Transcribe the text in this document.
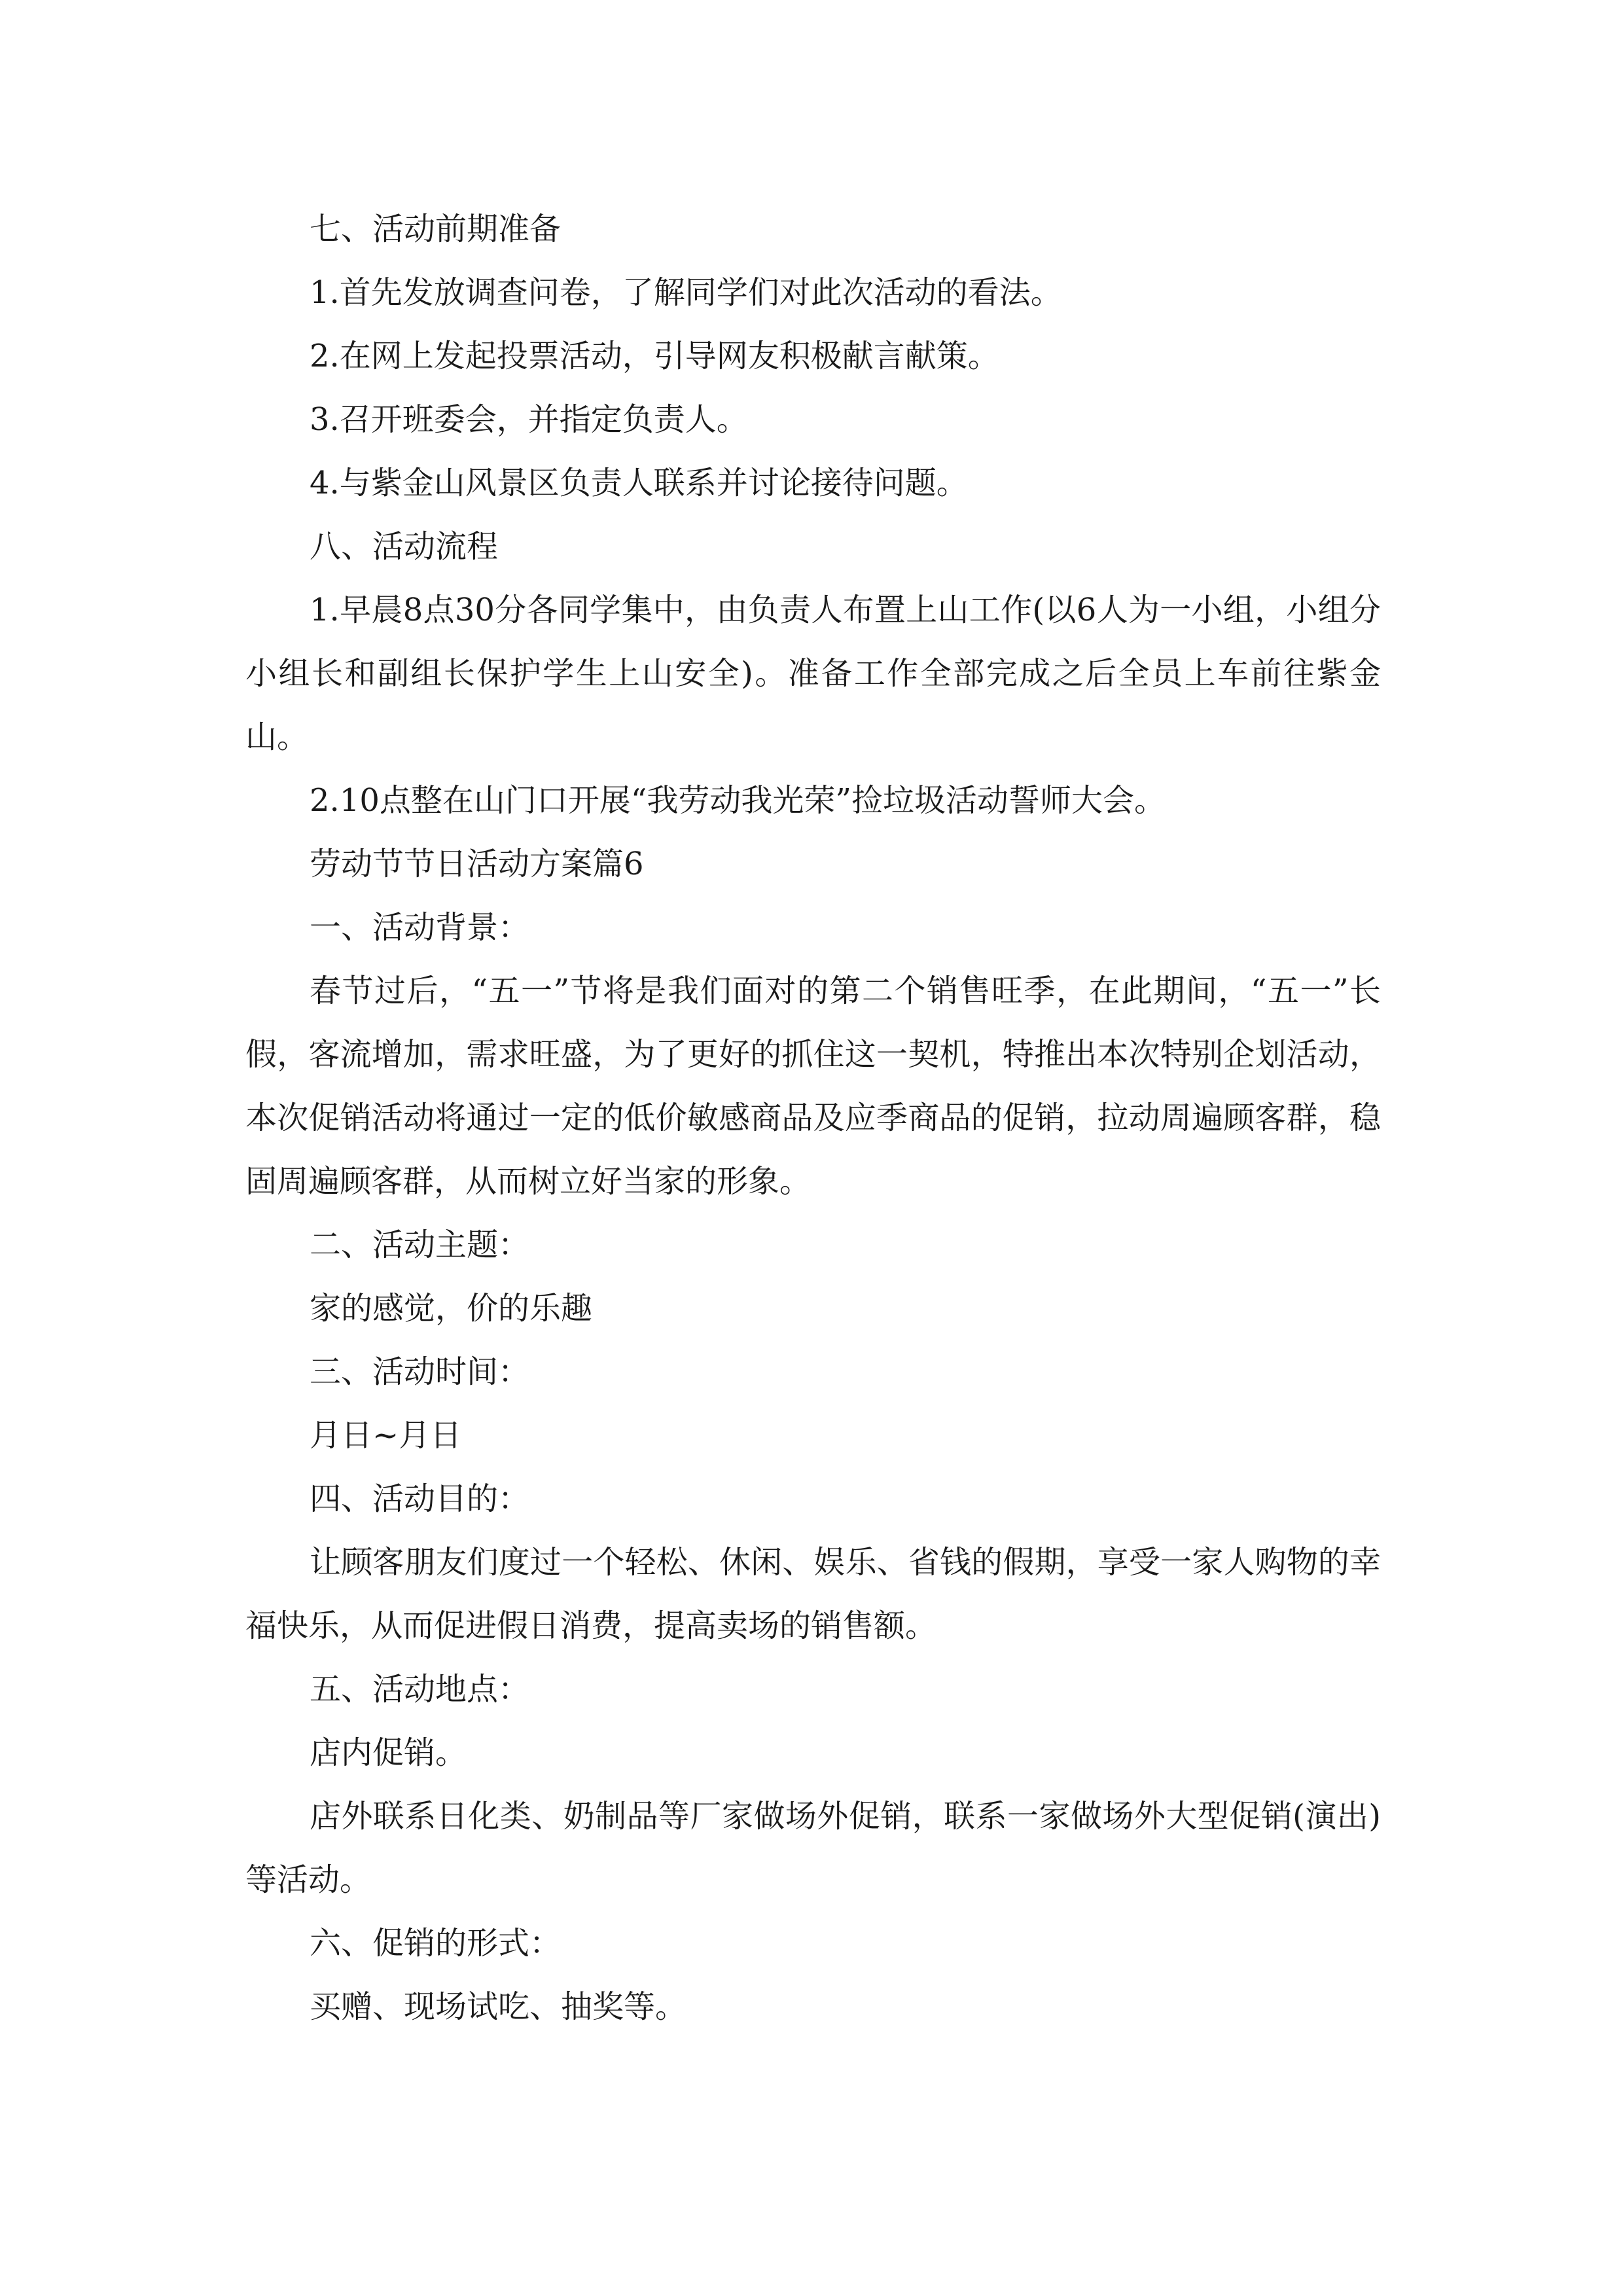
七、活动前期准备

1.首先发放调查问卷，了解同学们对此次活动的看法。

2.在网上发起投票活动，引导网友积极献言献策。

3.召开班委会，并指定负责人。

4.与紫金山风景区负责人联系并讨论接待问题。

八、活动流程

1.早晨8点30分各同学集中，由负责人布置上山工作(以6人为一小组，小组分小组长和副组长保护学生上山安全)。准备工作全部完成之后全员上车前往紫金山。

2.10点整在山门口开展“我劳动我光荣”捡垃圾活动誓师大会。

劳动节节日活动方案篇6

一、活动背景：

春节过后，“五一”节将是我们面对的第二个销售旺季，在此期间，“五一”长假，客流增加，需求旺盛，为了更好的抓住这一契机，特推出本次特别企划活动，本次促销活动将通过一定的低价敏感商品及应季商品的促销，拉动周遍顾客群，稳固周遍顾客群，从而树立好当家的形象。

二、活动主题：

家的感觉，价的乐趣

三、活动时间：

月日~月日

四、活动目的：

让顾客朋友们度过一个轻松、休闲、娱乐、省钱的假期，享受一家人购物的幸福快乐，从而促进假日消费，提高卖场的销售额。

五、活动地点：

店内促销。

店外联系日化类、奶制品等厂家做场外促销，联系一家做场外大型促销(演出)等活动。

六、促销的形式：

买赠、现场试吃、抽奖等。
